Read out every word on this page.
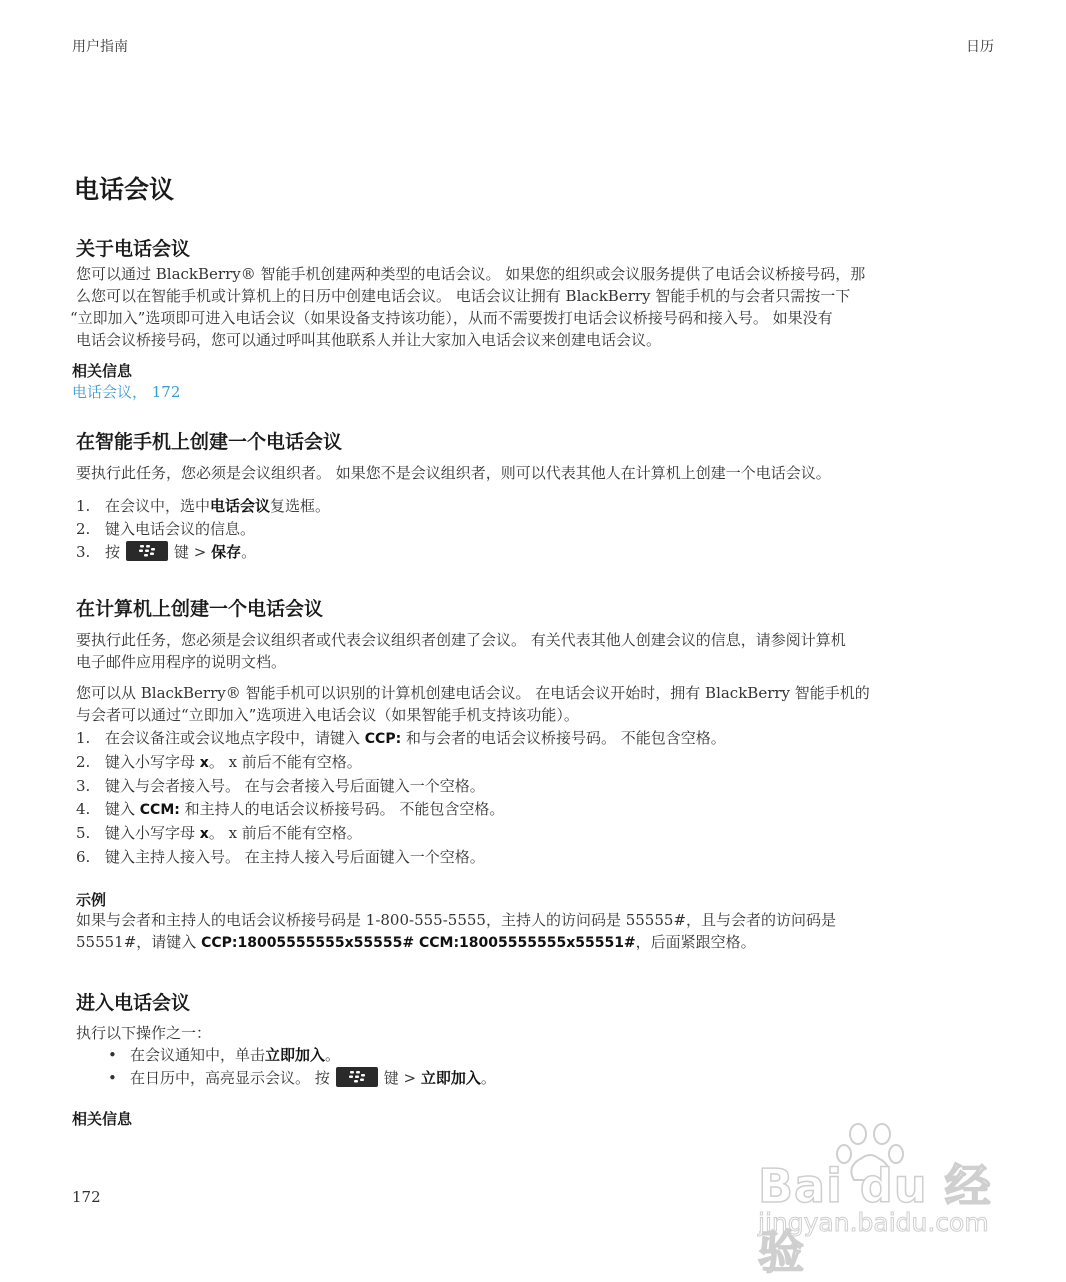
用户指南	日历
电话会议
关于电话会议
您可以通过 BlackBerry® 智能手机创建两种类型的电话会议。 如果您的组织或会议服务提供了电话会议桥接号码，那
么您可以在智能手机或计算机上的日历中创建电话会议。 电话会议让拥有 BlackBerry 智能手机的与会者只需按一下
“立即加入”选项即可进入电话会议（如果设备支持该功能），从而不需要拨打电话会议桥接号码和接入号。 如果没有
电话会议桥接号码，您可以通过呼叫其他联系人并让大家加入电话会议来创建电话会议。
相关信息
电话会议， 172
在智能手机上创建一个电话会议
要执行此任务，您必须是会议组织者。 如果您不是会议组织者，则可以代表其他人在计算机上创建一个电话会议。
1. 在会议中，选中电话会议复选框。
2. 键入电话会议的信息。
3. 按	键 > 保存。
在计算机上创建一个电话会议
要执行此任务，您必须是会议组织者或代表会议组织者创建了会议。 有关代表其他人创建会议的信息，请参阅计算机
电子邮件应用程序的说明文档。
您可以从 BlackBerry® 智能手机可以识别的计算机创建电话会议。 在电话会议开始时，拥有 BlackBerry 智能手机的
与会者可以通过“立即加入”选项进入电话会议（如果智能手机支持该功能）。
1. 在会议备注或会议地点字段中，请键入 CCP: 和与会者的电话会议桥接号码。 不能包含空格。
2. 键入小写字母 x。 x 前后不能有空格。
3. 键入与会者接入号。 在与会者接入号后面键入一个空格。
4. 键入 CCM: 和主持人的电话会议桥接号码。 不能包含空格。
5. 键入小写字母 x。 x 前后不能有空格。
6. 键入主持人接入号。 在主持人接入号后面键入一个空格。
示例
如果与会者和主持人的电话会议桥接号码是 1-800-555-5555，主持人的访问码是 55555#，且与会者的访问码是
55551#，请键入 CCP:18005555555x55555# CCM:18005555555x55551#，后面紧跟空格。
进入电话会议
执行以下操作之一：
• 在会议通知中，单击立即加入。
• 在日历中，高亮显示会议。 按	键 > 立即加入。
相关信息
172	Bai du 经验
jingyan.baidu.com
